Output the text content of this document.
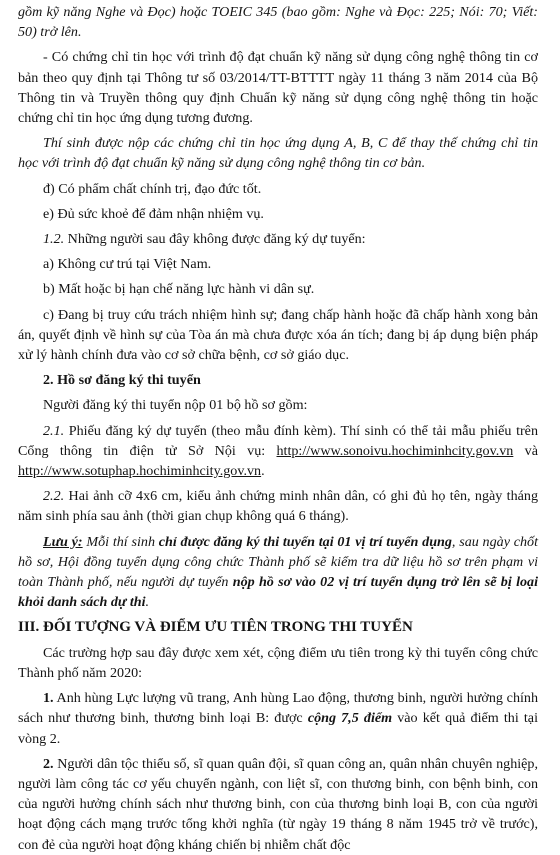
gồm kỹ năng Nghe và Đọc) hoặc TOEIC 345 (bao gồm: Nghe và Đọc: 225; Nói: 70; Viết: 50) trở lên.

- Có chứng chỉ tin học với trình độ đạt chuẩn kỹ năng sử dụng công nghệ thông tin cơ bản theo quy định tại Thông tư số 03/2014/TT-BTTTT ngày 11 tháng 3 năm 2014 của Bộ Thông tin và Truyền thông quy định Chuẩn kỹ năng sử dụng công nghệ thông tin hoặc chứng chỉ tin học ứng dụng tương đương.

Thí sinh được nộp các chứng chỉ tin học ứng dụng A, B, C để thay thế chứng chỉ tin học với trình độ đạt chuẩn kỹ năng sử dụng công nghệ thông tin cơ bản.

đ) Có phẩm chất chính trị, đạo đức tốt.

e) Đủ sức khoẻ để đảm nhận nhiệm vụ.

1.2. Những người sau đây không được đăng ký dự tuyển:

a) Không cư trú tại Việt Nam.

b) Mất hoặc bị hạn chế năng lực hành vi dân sự.

c) Đang bị truy cứu trách nhiệm hình sự; đang chấp hành hoặc đã chấp hành xong bản án, quyết định về hình sự của Tòa án mà chưa được xóa án tích; đang bị áp dụng biện pháp xử lý hành chính đưa vào cơ sở chữa bệnh, cơ sở giáo dục.

2. Hồ sơ đăng ký thi tuyển

Người đăng ký thi tuyển nộp 01 bộ hồ sơ gồm:

2.1. Phiếu đăng ký dự tuyển (theo mẫu đính kèm). Thí sinh có thể tải mẫu phiếu trên Cổng thông tin điện tử Sở Nội vụ: http://www.sonoivu.hochiminhcity.gov.vn và http://www.sotuphap.hochiminhcity.gov.vn.

2.2. Hai ảnh cỡ 4x6 cm, kiểu ảnh chứng minh nhân dân, có ghi đủ họ tên, ngày tháng năm sinh phía sau ảnh (thời gian chụp không quá 6 tháng).

Lưu ý: Mỗi thí sinh chỉ được đăng ký thi tuyển tại 01 vị trí tuyển dụng, sau ngày chốt hồ sơ, Hội đồng tuyển dụng công chức Thành phố sẽ kiểm tra dữ liệu hồ sơ trên phạm vi toàn Thành phố, nếu người dự tuyển nộp hồ sơ vào 02 vị trí tuyển dụng trở lên sẽ bị loại khỏi danh sách dự thi.

III. ĐỐI TƯỢNG VÀ ĐIỂM ƯU TIÊN TRONG THI TUYỂN

Các trường hợp sau đây được xem xét, cộng điểm ưu tiên trong kỳ thi tuyển công chức Thành phố năm 2020:

1. Anh hùng Lực lượng vũ trang, Anh hùng Lao động, thương binh, người hưởng chính sách như thương binh, thương binh loại B: được cộng 7,5 điểm vào kết quả điểm thi tại vòng 2.

2. Người dân tộc thiểu số, sĩ quan quân đội, sĩ quan công an, quân nhân chuyên nghiệp, người làm công tác cơ yếu chuyển ngành, con liệt sĩ, con thương binh, con bệnh binh, con của người hưởng chính sách như thương binh, con của thương binh loại B, con của người hoạt động cách mạng trước tổng khởi nghĩa (từ ngày 19 tháng 8 năm 1945 trở về trước), con đẻ của người hoạt động kháng chiến bị nhiễm chất độc
